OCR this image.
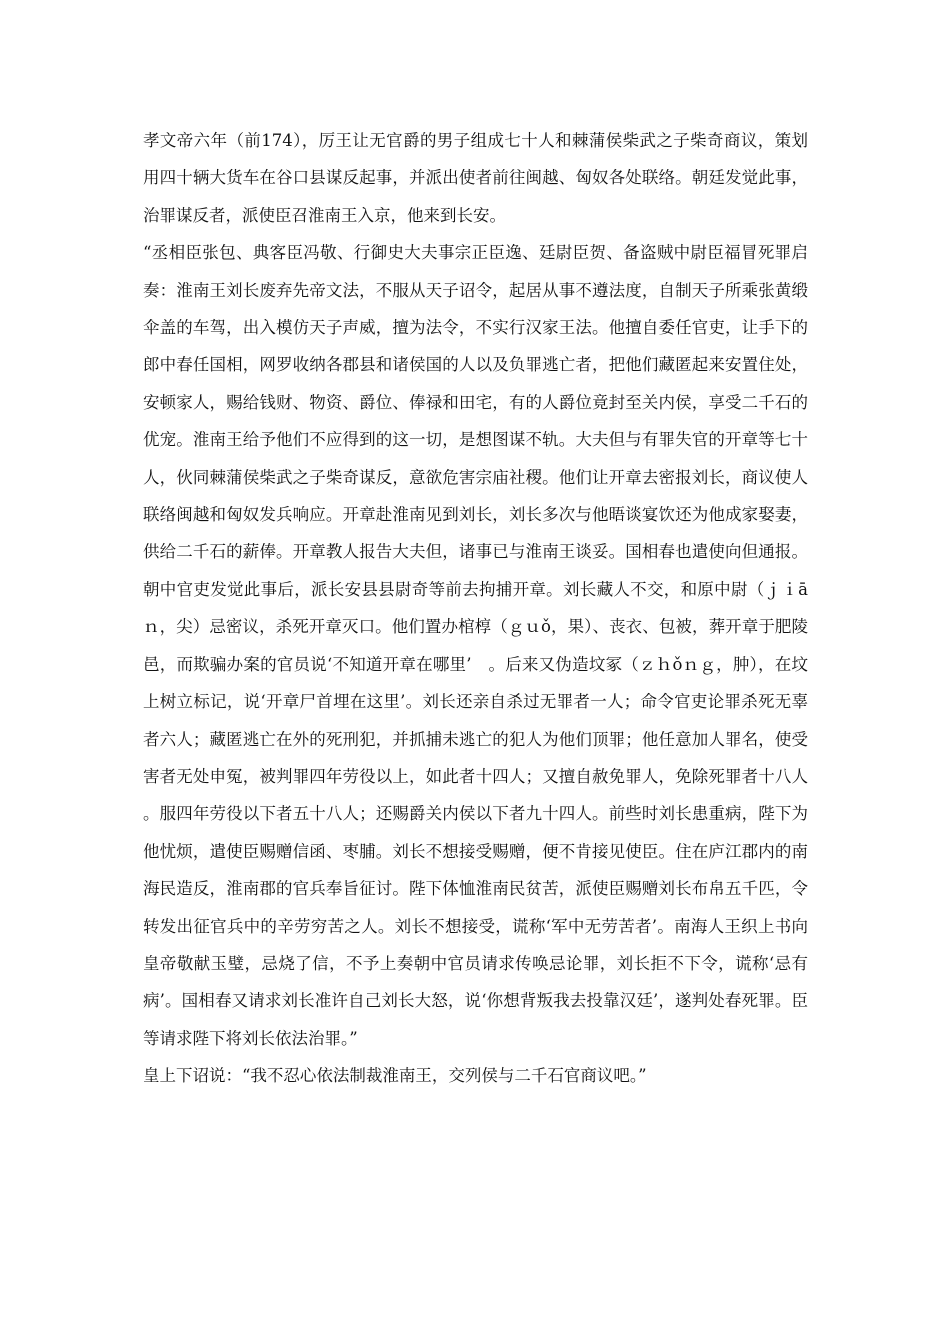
孝文帝六年（前174），厉王让无官爵的男子组成七十人和棘蒲侯柴武之子柴奇商议，策划用四十辆大货车在谷口县谋反起事，并派出使者前往闽越、匈奴各处联络。朝廷发觉此事，治罪谋反者，派使臣召淮南王入京，他来到长安。

“丞相臣张包、典客臣冯敬、行御史大夫事宗正臣逸、廷尉臣贺、备盗贼中尉臣福冒死罪启奏：淮南王刘长废弃先帝文法，不服从天子诏令，起居从事不遵法度，自制天子所乘张黄缎伞盖的车驾，出入模仿天子声威，擅为法令，不实行汉家王法。他擅自委任官吏，让手下的郎中春任国相，网罗收纳各郡县和诸侯国的人以及负罪逃亡者，把他们藏匿起来安置住处，安顿家人，赐给钱财、物资、爵位、俸禄和田宅，有的人爵位竟封至关内侯，享受二千石的优宠。淮南王给予他们不应得到的这一切，是想图谋不轨。大夫但与有罪失官的开章等七十人，伙同棘蒲侯柴武之子柴奇谋反，意欲危害宗庙社稷。他们让开章去密报刘长，商议使人联络闽越和匈奴发兵响应。开章赴淮南见到刘长，刘长多次与他晤谈宴饮还为他成家娶妻，供给二千石的薪俸。开章教人报告大夫但，诸事已与淮南王谈妥。国相春也遣使向但通报。朝中官吏发觉此事后，派长安县县尉奇等前去拘捕开章。刘长藏人不交，和原中尉（ｊｉāｎ，尖）忌密议，杀死开章灭口。他们置办棺椁（ｇｕǒ，果）、丧衣、包被，葬开章于肥陵邑，而欺骗办案的官员说‘不知道开章在哪里’　。后来又伪造坟冢（ｚｈǒｎｇ，肿），在坟上树立标记，说‘开章尸首埋在这里’。刘长还亲自杀过无罪者一人；命令官吏论罪杀死无辜者六人；藏匿逃亡在外的死刑犯，并抓捕未逃亡的犯人为他们顶罪；他任意加人罪名，使受害者无处申冤，被判罪四年劳役以上，如此者十四人；又擅自赦免罪人，免除死罪者十八人。服四年劳役以下者五十八人；还赐爵关内侯以下者九十四人。前些时刘长患重病，陛下为他忧烦，遣使臣赐赠信函、枣脯。刘长不想接受赐赠，便不肯接见使臣。住在庐江郡内的南海民造反，淮南郡的官兵奉旨征讨。陛下体恤淮南民贫苦，派使臣赐赠刘长布帛五千匹，令转发出征官兵中的辛劳穷苦之人。刘长不想接受，谎称‘军中无劳苦者’。南海人王织上书向皇帝敬献玉璧，忌烧了信，不予上奏朝中官员请求传唤忌论罪，刘长拒不下令，谎称‘忌有病’。国相春又请求刘长准许自己刘长大怒，说‘你想背叛我去投靠汉廷’，遂判处春死罪。臣等请求陛下将刘长依法治罪。”

皇上下诏说：“我不忍心依法制裁淮南王，交列侯与二千石官商议吧。”
